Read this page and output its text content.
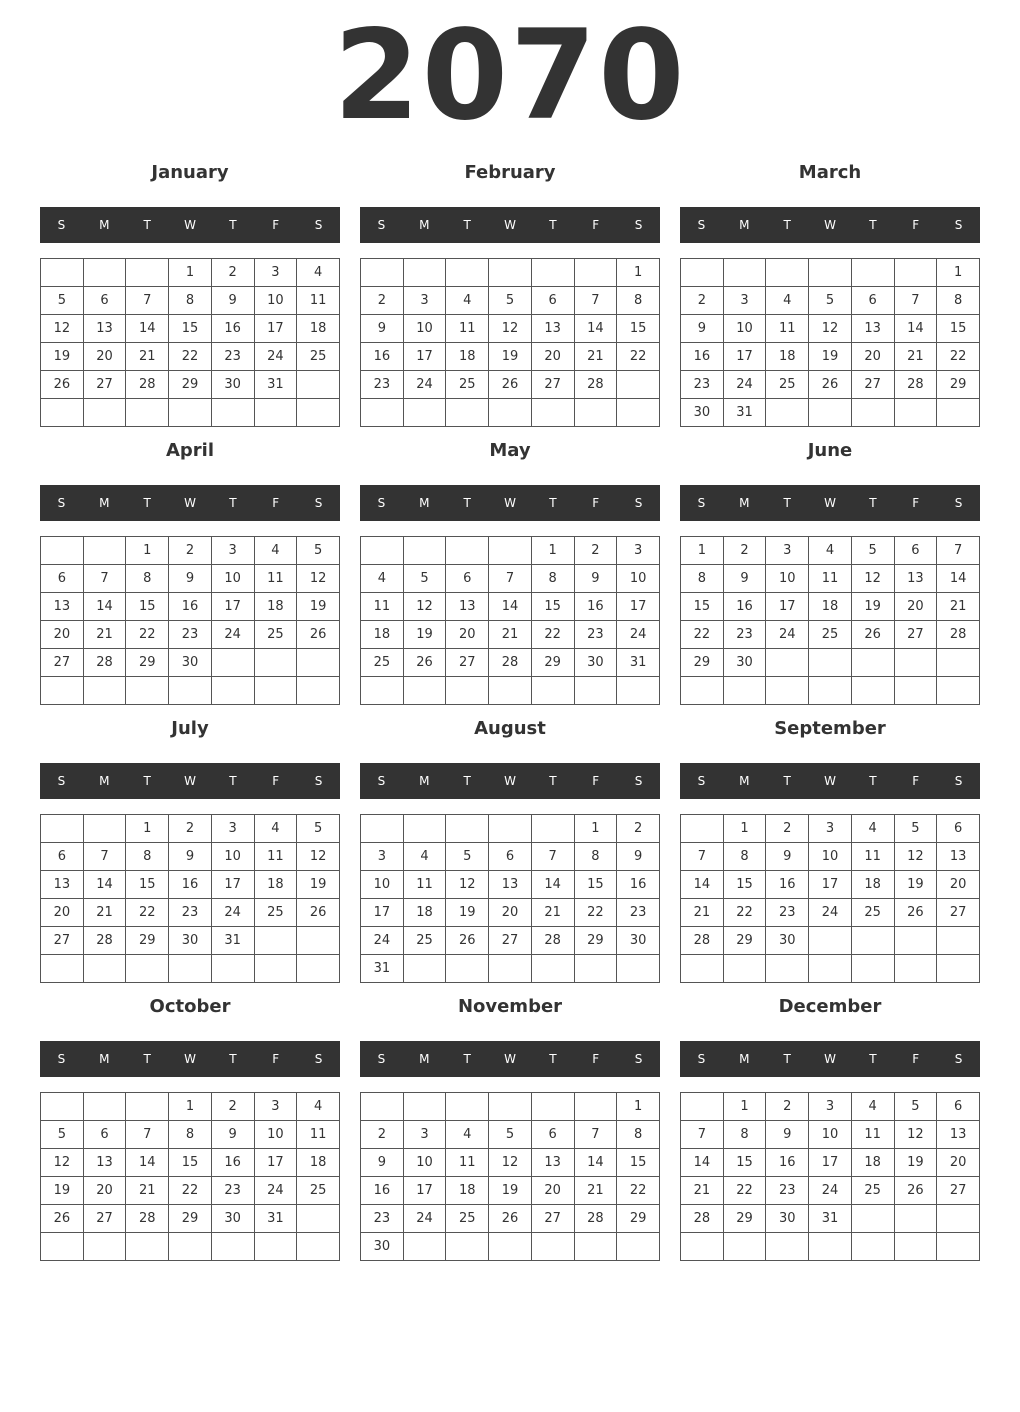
2070
January
S	M	T	W	T	F	S
			1	2	3	4
5	6	7	8	9	10	11
12	13	14	15	16	17	18
19	20	21	22	23	24	25
26	27	28	29	30	31	

February
S	M	T	W	T	F	S
						1
2	3	4	5	6	7	8
9	10	11	12	13	14	15
16	17	18	19	20	21	22
23	24	25	26	27	28	

March
S	M	T	W	T	F	S
						1
2	3	4	5	6	7	8
9	10	11	12	13	14	15
16	17	18	19	20	21	22
23	24	25	26	27	28	29
30	31					
April
S	M	T	W	T	F	S
		1	2	3	4	5
6	7	8	9	10	11	12
13	14	15	16	17	18	19
20	21	22	23	24	25	26
27	28	29	30			

May
S	M	T	W	T	F	S
				1	2	3
4	5	6	7	8	9	10
11	12	13	14	15	16	17
18	19	20	21	22	23	24
25	26	27	28	29	30	31

June
S	M	T	W	T	F	S
1	2	3	4	5	6	7
8	9	10	11	12	13	14
15	16	17	18	19	20	21
22	23	24	25	26	27	28
29	30					

July
S	M	T	W	T	F	S
		1	2	3	4	5
6	7	8	9	10	11	12
13	14	15	16	17	18	19
20	21	22	23	24	25	26
27	28	29	30	31		

August
S	M	T	W	T	F	S
					1	2
3	4	5	6	7	8	9
10	11	12	13	14	15	16
17	18	19	20	21	22	23
24	25	26	27	28	29	30
31						
September
S	M	T	W	T	F	S
	1	2	3	4	5	6
7	8	9	10	11	12	13
14	15	16	17	18	19	20
21	22	23	24	25	26	27
28	29	30				

October
S	M	T	W	T	F	S
			1	2	3	4
5	6	7	8	9	10	11
12	13	14	15	16	17	18
19	20	21	22	23	24	25
26	27	28	29	30	31	

November
S	M	T	W	T	F	S
						1
2	3	4	5	6	7	8
9	10	11	12	13	14	15
16	17	18	19	20	21	22
23	24	25	26	27	28	29
30						
December
S	M	T	W	T	F	S
	1	2	3	4	5	6
7	8	9	10	11	12	13
14	15	16	17	18	19	20
21	22	23	24	25	26	27
28	29	30	31			
